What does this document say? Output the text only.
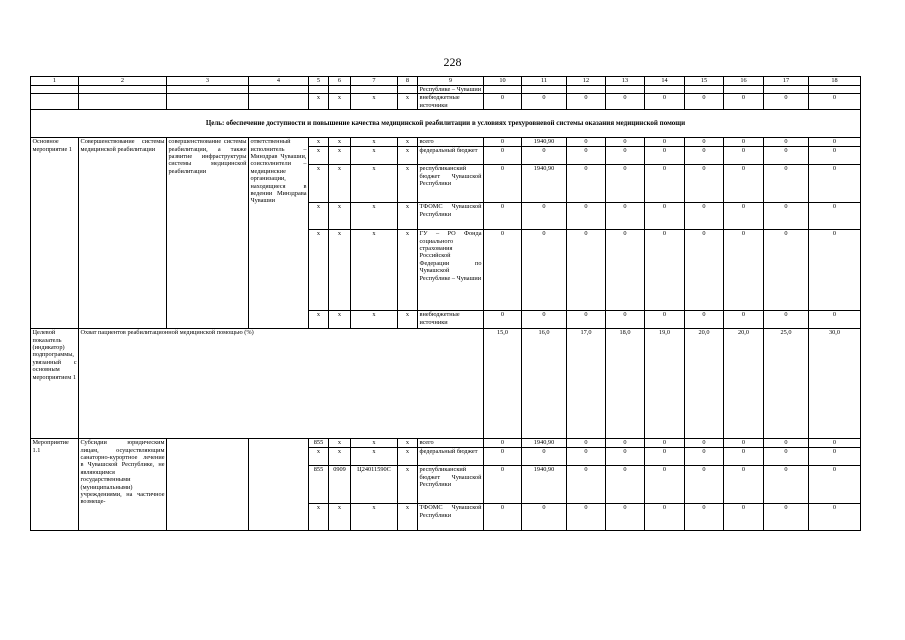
228
1	2	3	4	5	6	7	8	9	10	11	12	13	14	15	16	17	18
								Республике – Чувашии									
				х	х	х	х	внебюджетные источники	0	0	0	0	0	0	0	0	0
Цель: обеспечение доступности и повышение качества медицинской реабилитации в условиях трехуровневой системы оказания медицинской помощи																	
Основное мероприятие 1	Совершенствование системы медицинской реабилитации	совершенствование системы реабилитации, а также развитие инфраструктуры системы медицинской реабилитации	ответственный исполнитель – Минздрав Чувашии, соисполнители – медицинские организации, находящиеся в ведении Минздрава Чувашии	х	х	х	х	всего	0	1940,90	0	0	0	0	0	0	0
				х	х	х	х	федеральный бюджет	0	0	0	0	0	0	0	0	0
				х	х	х	х	республиканский бюджет Чувашской Республики	0	1940,90	0	0	0	0	0	0	0
				х	х	х	х	ТФОМС Чувашской Республики	0	0	0	0	0	0	0	0	0
				х	х	х	х	ГУ – РО Фонда социального страхования Российской Федерации по Чувашской Республике – Чувашии	0	0	0	0	0	0	0	0	0
				х	х	х	х	внебюджетные источники	0	0	0	0	0	0	0	0	0
Целевой показатель (индикатор) подпрограммы, увязанный с основным мероприятием 1	Охват пациентов реабилитационной медицинской помощью (%)								15,0	16,0	17,0	18,0	19,0	20,0	20,0	25,0	30,0
Мероприятие 1.1	Субсидии юридическим лицам, осуществляющим санаторно-курортное лечение в Чувашской Республике, не являющимся государственными (муниципальными) учреждениями, на частичное возмеще-			855	х	х	х	всего	0	1940,90	0	0	0	0	0	0	0
				х	х	х	х	федеральный бюджет	0	0	0	0	0	0	0	0	0
				855	0909	Ц24011590С	х	республиканский бюджет Чувашской Республики	0	1940,90	0	0	0	0	0	0	0
				х	х	х	х	ТФОМС Чувашской Республики	0	0	0	0	0	0	0	0	0
